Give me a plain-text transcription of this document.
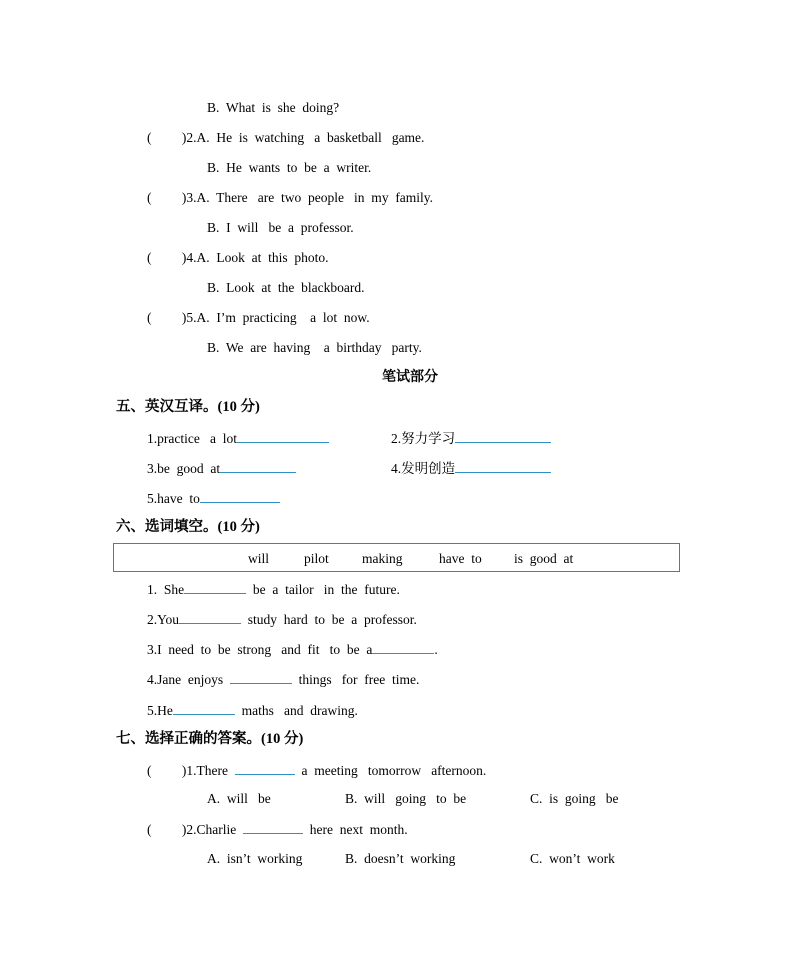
B.  What  is  she  doing?
(         )2.A.  He  is  watching   a  basketball   game.
B.  He  wants  to  be  a  writer.
(         )3.A.  There   are  two  people   in  my  family.
B.  I  will   be  a  professor.
(         )4.A.  Look  at  this  photo.
B.  Look  at  the  blackboard.
(         )5.A.  I’m  practicing    a  lot  now.
B.  We  are  having    a  birthday   party.
笔试部分
五、英汉互译。(10 分)
1.practice   a  lot	2.努力学习
3.be  good  at	4.发明创造
5.have  to
六、选词填空。(10 分)
will	pilot making	have  to is  good  at
1.  She	be  a  tailor   in  the  future.
2.You	study  hard  to  be  a  professor.
3.I  need  to  be  strong   and  fit   to  be  a	.
4.Jane  enjoys	things   for  free  time.
5.He	maths   and  drawing.
七、选择正确的答案。(10 分)
(         )1.There	a  meeting   tomorrow   afternoon.
A.  will   be	B.  will   going   to  be	C.  is  going   be
(         )2.Charlie	here  next  month.
A.  isn’t  working	B.  doesn’t  working	C.  won’t  work
